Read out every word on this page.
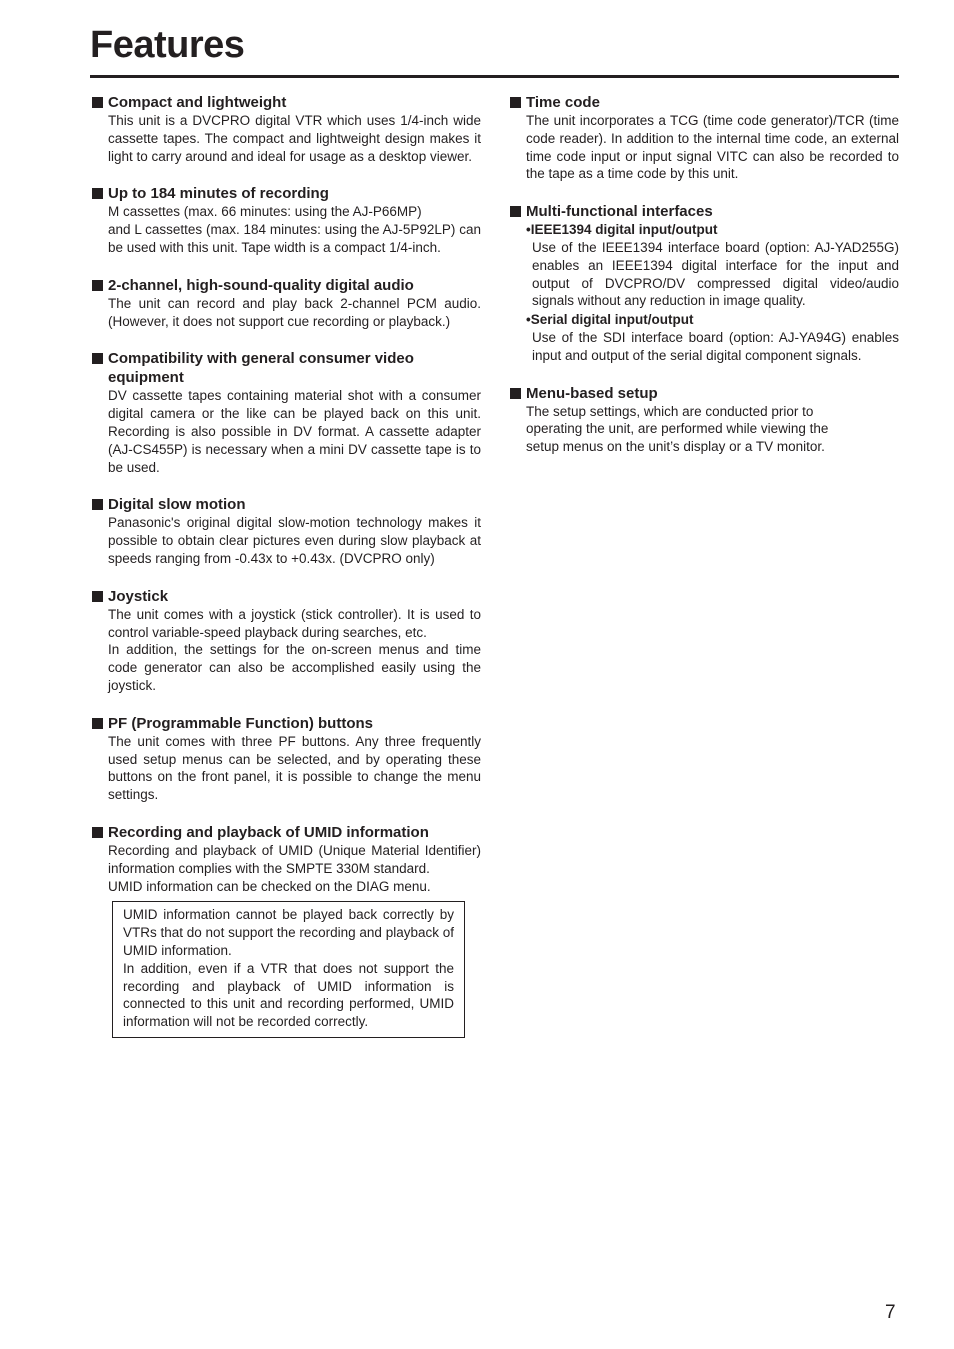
Features
Compact and lightweight
This unit is a DVCPRO digital VTR which uses 1/4-inch wide cassette tapes. The compact and lightweight design makes it light to carry around and ideal for usage as a desktop viewer.
Up to 184 minutes of recording
M cassettes (max. 66 minutes: using the AJ-P66MP)
and L cassettes (max. 184 minutes: using the AJ-5P92LP) can be used with this unit. Tape width is a compact 1/4-inch.
2-channel, high-sound-quality digital audio
The unit can record and play back 2-channel PCM audio. (However, it does not support cue recording or playback.)
Compatibility with general consumer video equipment
DV cassette tapes containing material shot with a consumer digital camera or the like can be played back on this unit. Recording is also possible in DV format. A cassette adapter (AJ-CS455P) is necessary when a mini DV cassette tape is to be used.
Digital slow motion
Panasonic's original digital slow-motion technology makes it possible to obtain clear pictures even during slow playback at speeds ranging from -0.43x to +0.43x. (DVCPRO only)
Joystick
The unit comes with a joystick (stick controller). It is used to control variable-speed playback during searches, etc.
In addition, the settings for the on-screen menus and time code generator can also be accomplished easily using the joystick.
PF (Programmable Function) buttons
The unit comes with three PF buttons. Any three frequently used setup menus can be selected, and by operating these buttons on the front panel, it is possible to change the menu settings.
Recording and playback of UMID information
Recording and playback of UMID (Unique Material Identifier) information complies with the SMPTE 330M standard.
UMID information can be checked on the DIAG menu.
UMID information cannot be played back correctly by VTRs that do not support the recording and playback of UMID information.
In addition, even if a VTR that does not support the recording and playback of UMID information is connected to this unit and recording performed, UMID information will not be recorded correctly.
Time code
The unit incorporates a TCG (time code generator)/TCR (time code reader). In addition to the internal time code, an external time code input or input signal VITC can also be recorded to the tape as a time code by this unit.
Multi-functional interfaces
•IEEE1394 digital input/output
Use of the IEEE1394 interface board (option: AJ-YAD255G) enables an IEEE1394 digital interface for the input and output of DVCPRO/DV compressed digital video/audio signals without any reduction in image quality.
•Serial digital input/output
Use of the SDI interface board (option: AJ-YA94G) enables input and output of the serial digital component signals.
Menu-based setup
The setup settings, which are conducted prior to
operating the unit, are performed while viewing the
setup menus on the unit’s display or a TV monitor.
7
